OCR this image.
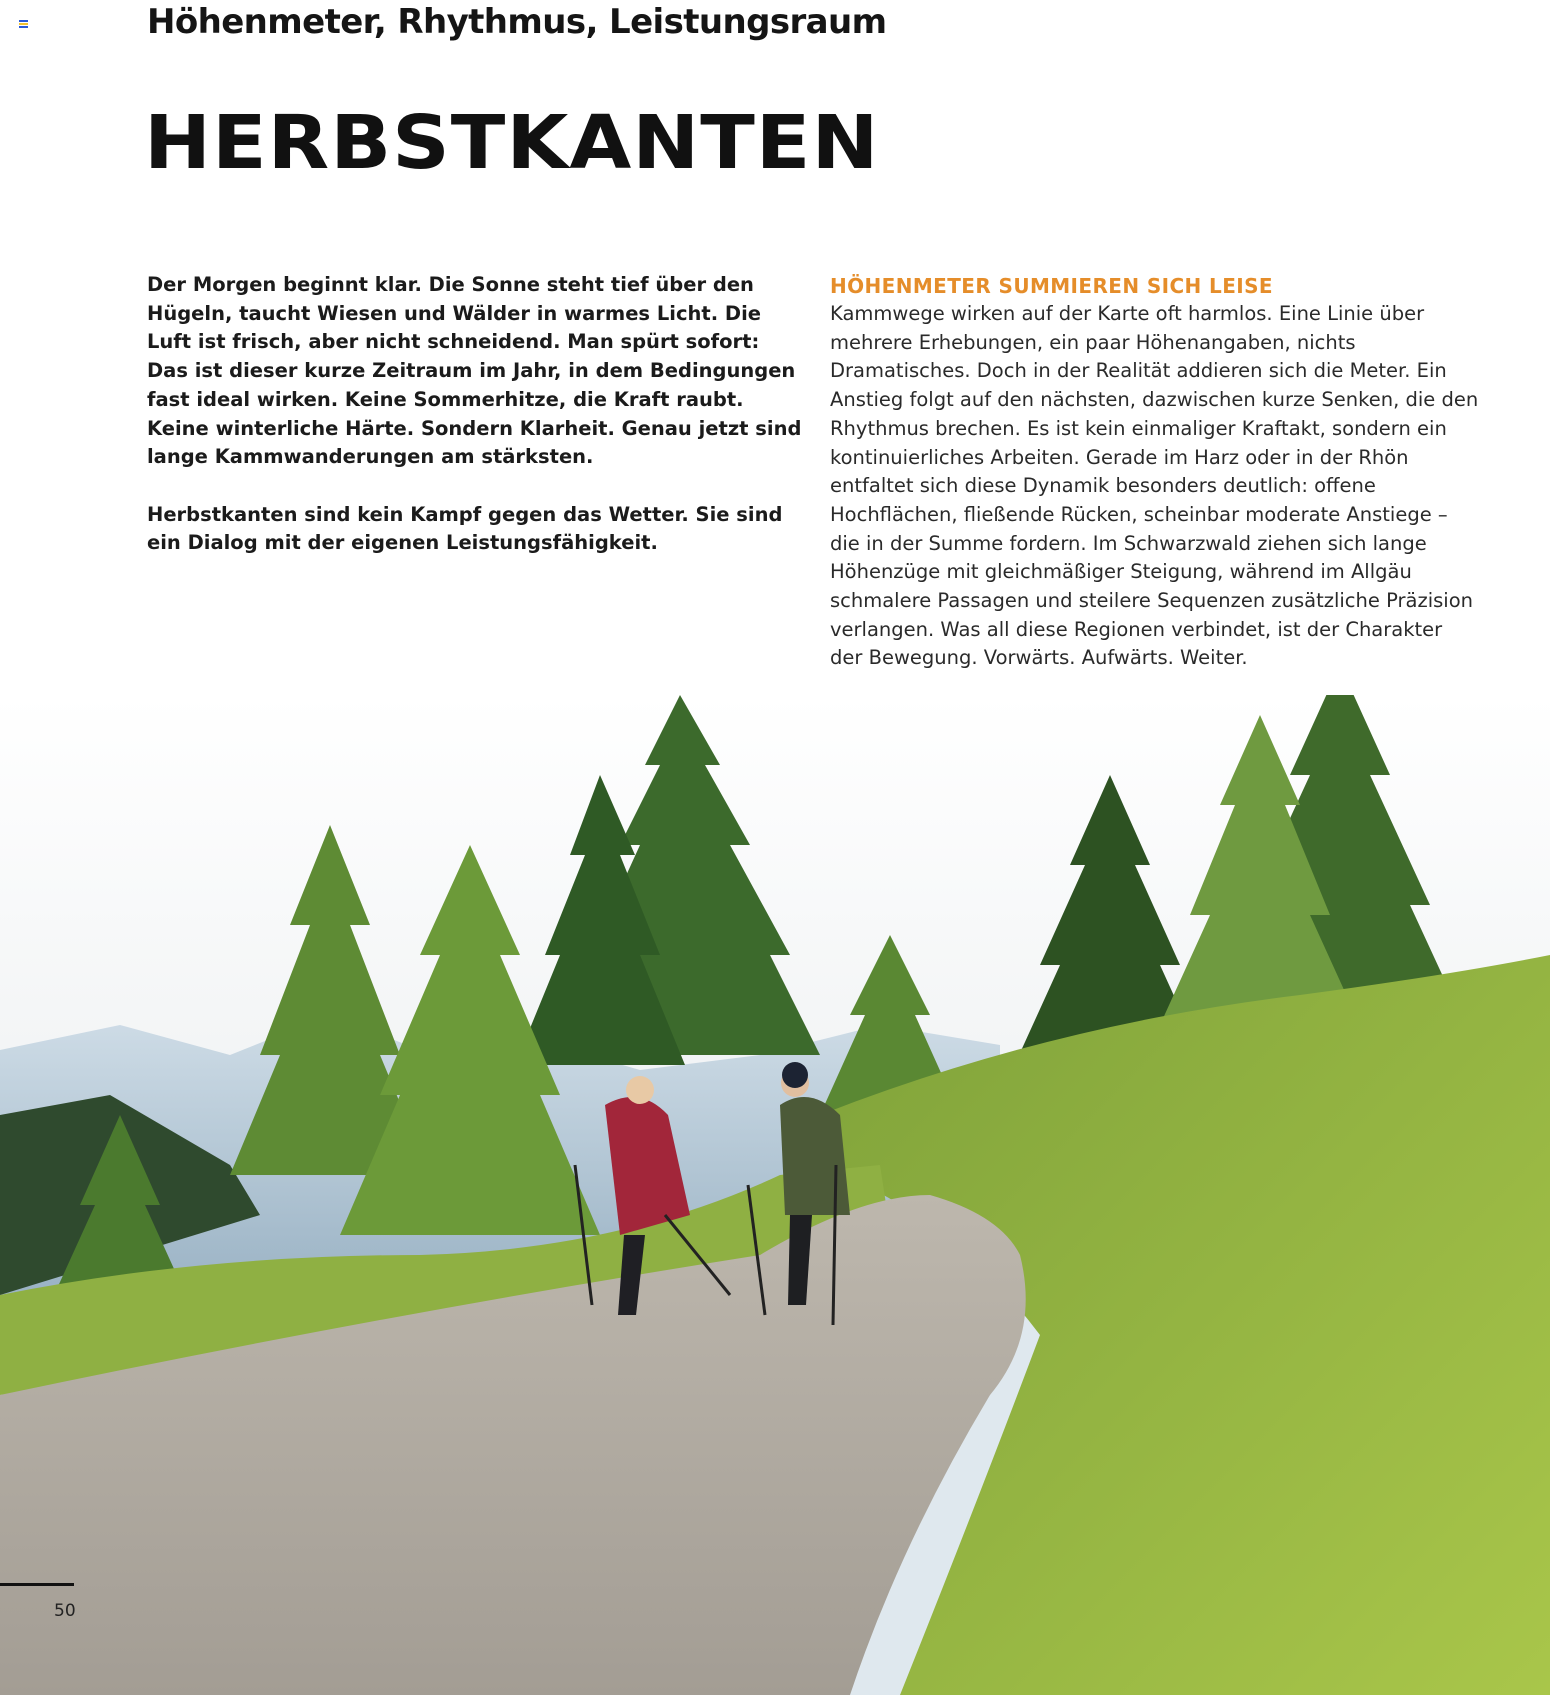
Höhenmeter, Rhythmus, Leistungsraum
HERBSTKANTEN

Der Morgen beginnt klar. Die Sonne steht tief über den Hügeln, taucht Wiesen und Wälder in warmes Licht. Die Luft ist frisch, aber nicht schneidend. Man spürt sofort: Das ist dieser kurze Zeitraum im Jahr, in dem Bedingungen fast ideal wirken. Keine Sommerhitze, die Kraft raubt. Keine winterliche Härte. Sondern Klarheit. Genau jetzt sind lange Kammwanderungen am stärksten.

Herbstkanten sind kein Kampf gegen das Wetter. Sie sind ein Dialog mit der eigenen Leistungsfähigkeit.

HÖHENMETER SUMMIEREN SICH LEISE

Kammwege wirken auf der Karte oft harmlos. Eine Linie über mehrere Erhebungen, ein paar Höhenangaben, nichts Dramatisches. Doch in der Realität addieren sich die Meter. Ein Anstieg folgt auf den nächsten, dazwischen kurze Senken, die den Rhythmus brechen. Es ist kein einmaliger Kraftakt, sondern ein kontinuierliches Arbeiten. Gerade im Harz oder in der Rhön entfaltet sich diese Dynamik besonders deutlich: offene Hochflächen, fließende Rücken, scheinbar moderate Anstiege – die in der Summe fordern. Im Schwarzwald ziehen sich lange Höhenzüge mit gleichmäßiger Steigung, während im Allgäu schmalere Passagen und steilere Sequenzen zusätzliche Präzision verlangen. Was all diese Regionen verbindet, ist der Charakter der Bewegung. Vorwärts. Aufwärts. Weiter.

50
